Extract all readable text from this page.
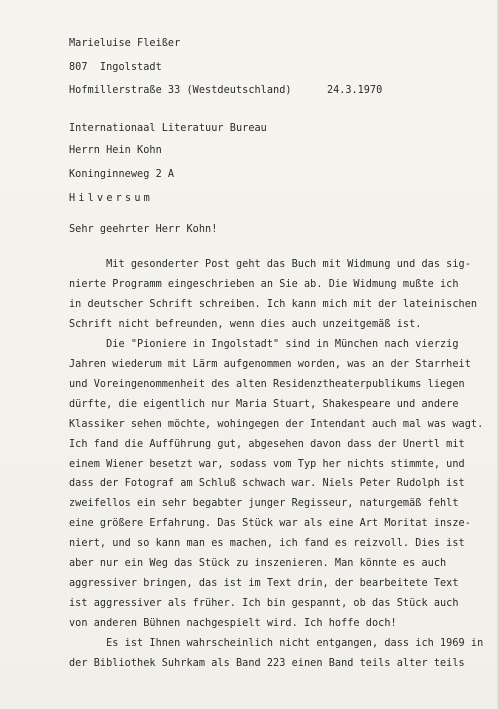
Marieluise Fleißer
807  Ingolstadt
Hofmillerstraße 33 (Westdeutschland)	24.3.1970
Internationaal Literatuur Bureau
Herrn Hein Kohn
Koninginneweg 2 A
Hilversum
Sehr geehrter Herr Kohn!
Mit gesonderter Post geht das Buch mit Widmung und das sig-
nierte Programm eingeschrieben an Sie ab. Die Widmung mußte ich
in deutscher Schrift schreiben. Ich kann mich mit der lateinischen
Schrift nicht befreunden, wenn dies auch unzeitgemäß ist.
Die "Pioniere in Ingolstadt" sind in München nach vierzig
Jahren wiederum mit Lärm aufgenommen worden, was an der Starrheit
und Voreingenommenheit des alten Residenztheaterpublikums liegen
dürfte, die eigentlich nur Maria Stuart, Shakespeare und andere
Klassiker sehen möchte, wohingegen der Intendant auch mal was wagt.
Ich fand die Aufführung gut, abgesehen davon dass der Unertl mit
einem Wiener besetzt war, sodass vom Typ her nichts stimmte, und
dass der Fotograf am Schluß schwach war. Niels Peter Rudolph ist
zweifellos ein sehr begabter junger Regisseur, naturgemäß fehlt
eine größere Erfahrung. Das Stück war als eine Art Moritat insze-
niert, und so kann man es machen, ich fand es reizvoll. Dies ist
aber nur ein Weg das Stück zu inszenieren. Man könnte es auch
aggressiver bringen, das ist im Text drin, der bearbeitete Text
ist aggressiver als früher. Ich bin gespannt, ob das Stück auch
von anderen Bühnen nachgespielt wird. Ich hoffe doch!
Es ist Ihnen wahrscheinlich nicht entgangen, dass ich 1969 in
der Bibliothek Suhrkam als Band 223 einen Band teils alter teils
